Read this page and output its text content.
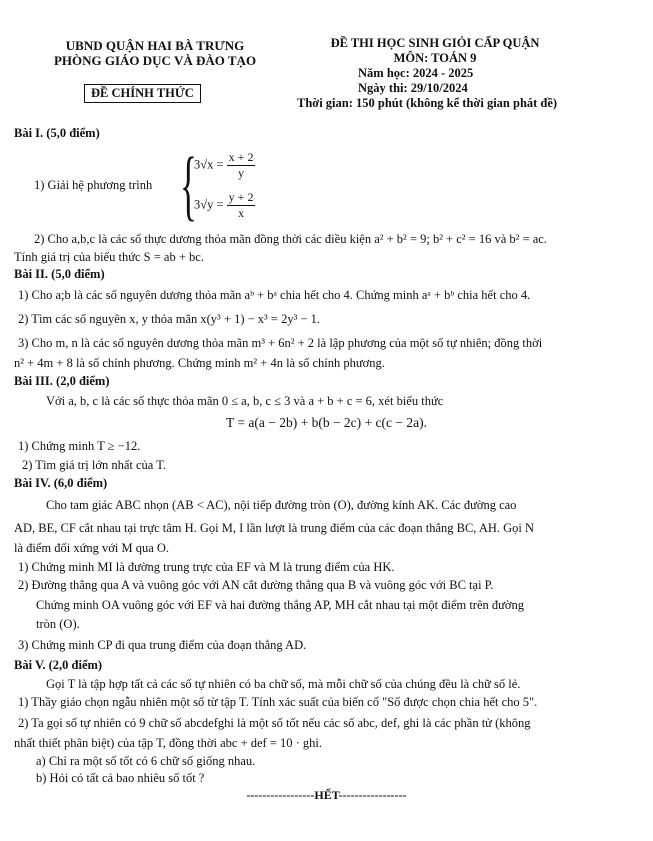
UBND QUẬN HAI BÀ TRƯNG
PHÒNG GIÁO DỤC VÀ ĐÀO TẠO
ĐỀ CHÍNH THỨC
ĐỀ THI HỌC SINH GIỎI CẤP QUẬN
MÔN: TOÁN 9
Năm học: 2024 - 2025
Ngày thi: 29/10/2024
Thời gian: 150 phút (không kể thời gian phát đề)
Bài I. (5,0 điểm)
1) Giải hệ phương trình {
$3√x = \frac{x + 2}{y}$
$3√y = \frac{y + 2}{x}$
2) Cho a,b,c là các số thực dương thỏa mãn đồng thời các điều kiện a² + b² = 9; b² + c² = 16 và b² = ac.
Tính giá trị của biểu thức S = ab + bc.
Bài II. (5,0 điểm)
1) Cho a;b là các số nguyên dương thỏa mãn aᵇ + bᵃ chia hết cho 4. Chứng minh aᵃ + bᵇ chia hết cho 4.
2) Tìm các số nguyên x, y thỏa mãn x(y³ + 1) − x³ = 2y³ − 1.
3) Cho m, n là các số nguyên dương thỏa mãn m³ + 6n² + 2 là lập phương của một số tự nhiên; đồng thời
n² + 4m + 8 là số chính phương. Chứng minh m² + 4n là số chính phương.
Bài III. (2,0 điểm)
Với a, b, c là các số thực thỏa mãn 0 ≤ a, b, c ≤ 3 và a + b + c = 6, xét biểu thức
T = a(a − 2b) + b(b − 2c) + c(c − 2a).
1) Chứng minh T ≥ −12.
2) Tìm giá trị lớn nhất của T.
Bài IV. (6,0 điểm)
Cho tam giác ABC nhọn (AB < AC), nội tiếp đường tròn (O), đường kính AK. Các đường cao
AD, BE, CF cắt nhau tại trực tâm H. Gọi M, I lần lượt là trung điểm của các đoạn thẳng BC, AH. Gọi N
là điểm đối xứng với M qua O.
1) Chứng minh MI là đường trung trực của EF và M là trung điểm của HK.
2) Đường thẳng qua A và vuông góc với AN cắt đường thẳng qua B và vuông góc với BC tại P.
Chứng minh OA vuông góc với EF và hai đường thẳng AP, MH cắt nhau tại một điểm trên đường
tròn (O).
3) Chứng minh CP đi qua trung điểm của đoạn thẳng AD.
Bài V. (2,0 điểm)
Gọi T là tập hợp tất cả các số tự nhiên có ba chữ số, mà mỗi chữ số của chúng đều là chữ số lẻ.
1) Thầy giáo chọn ngẫu nhiên một số từ tập T. Tính xác suất của biến cố "Số được chọn chia hết cho 5".
2) Ta gọi số tự nhiên có 9 chữ số abcdefghi là một số tốt nếu các số abc, def, ghi là các phần tử (không
nhất thiết phân biệt) của tập T, đồng thời abc + def = 10 · ghi.
a) Chỉ ra một số tốt có 6 chữ số giống nhau.
b) Hỏi có tất cả bao nhiêu số tốt ?
-----------------HẾT-----------------
